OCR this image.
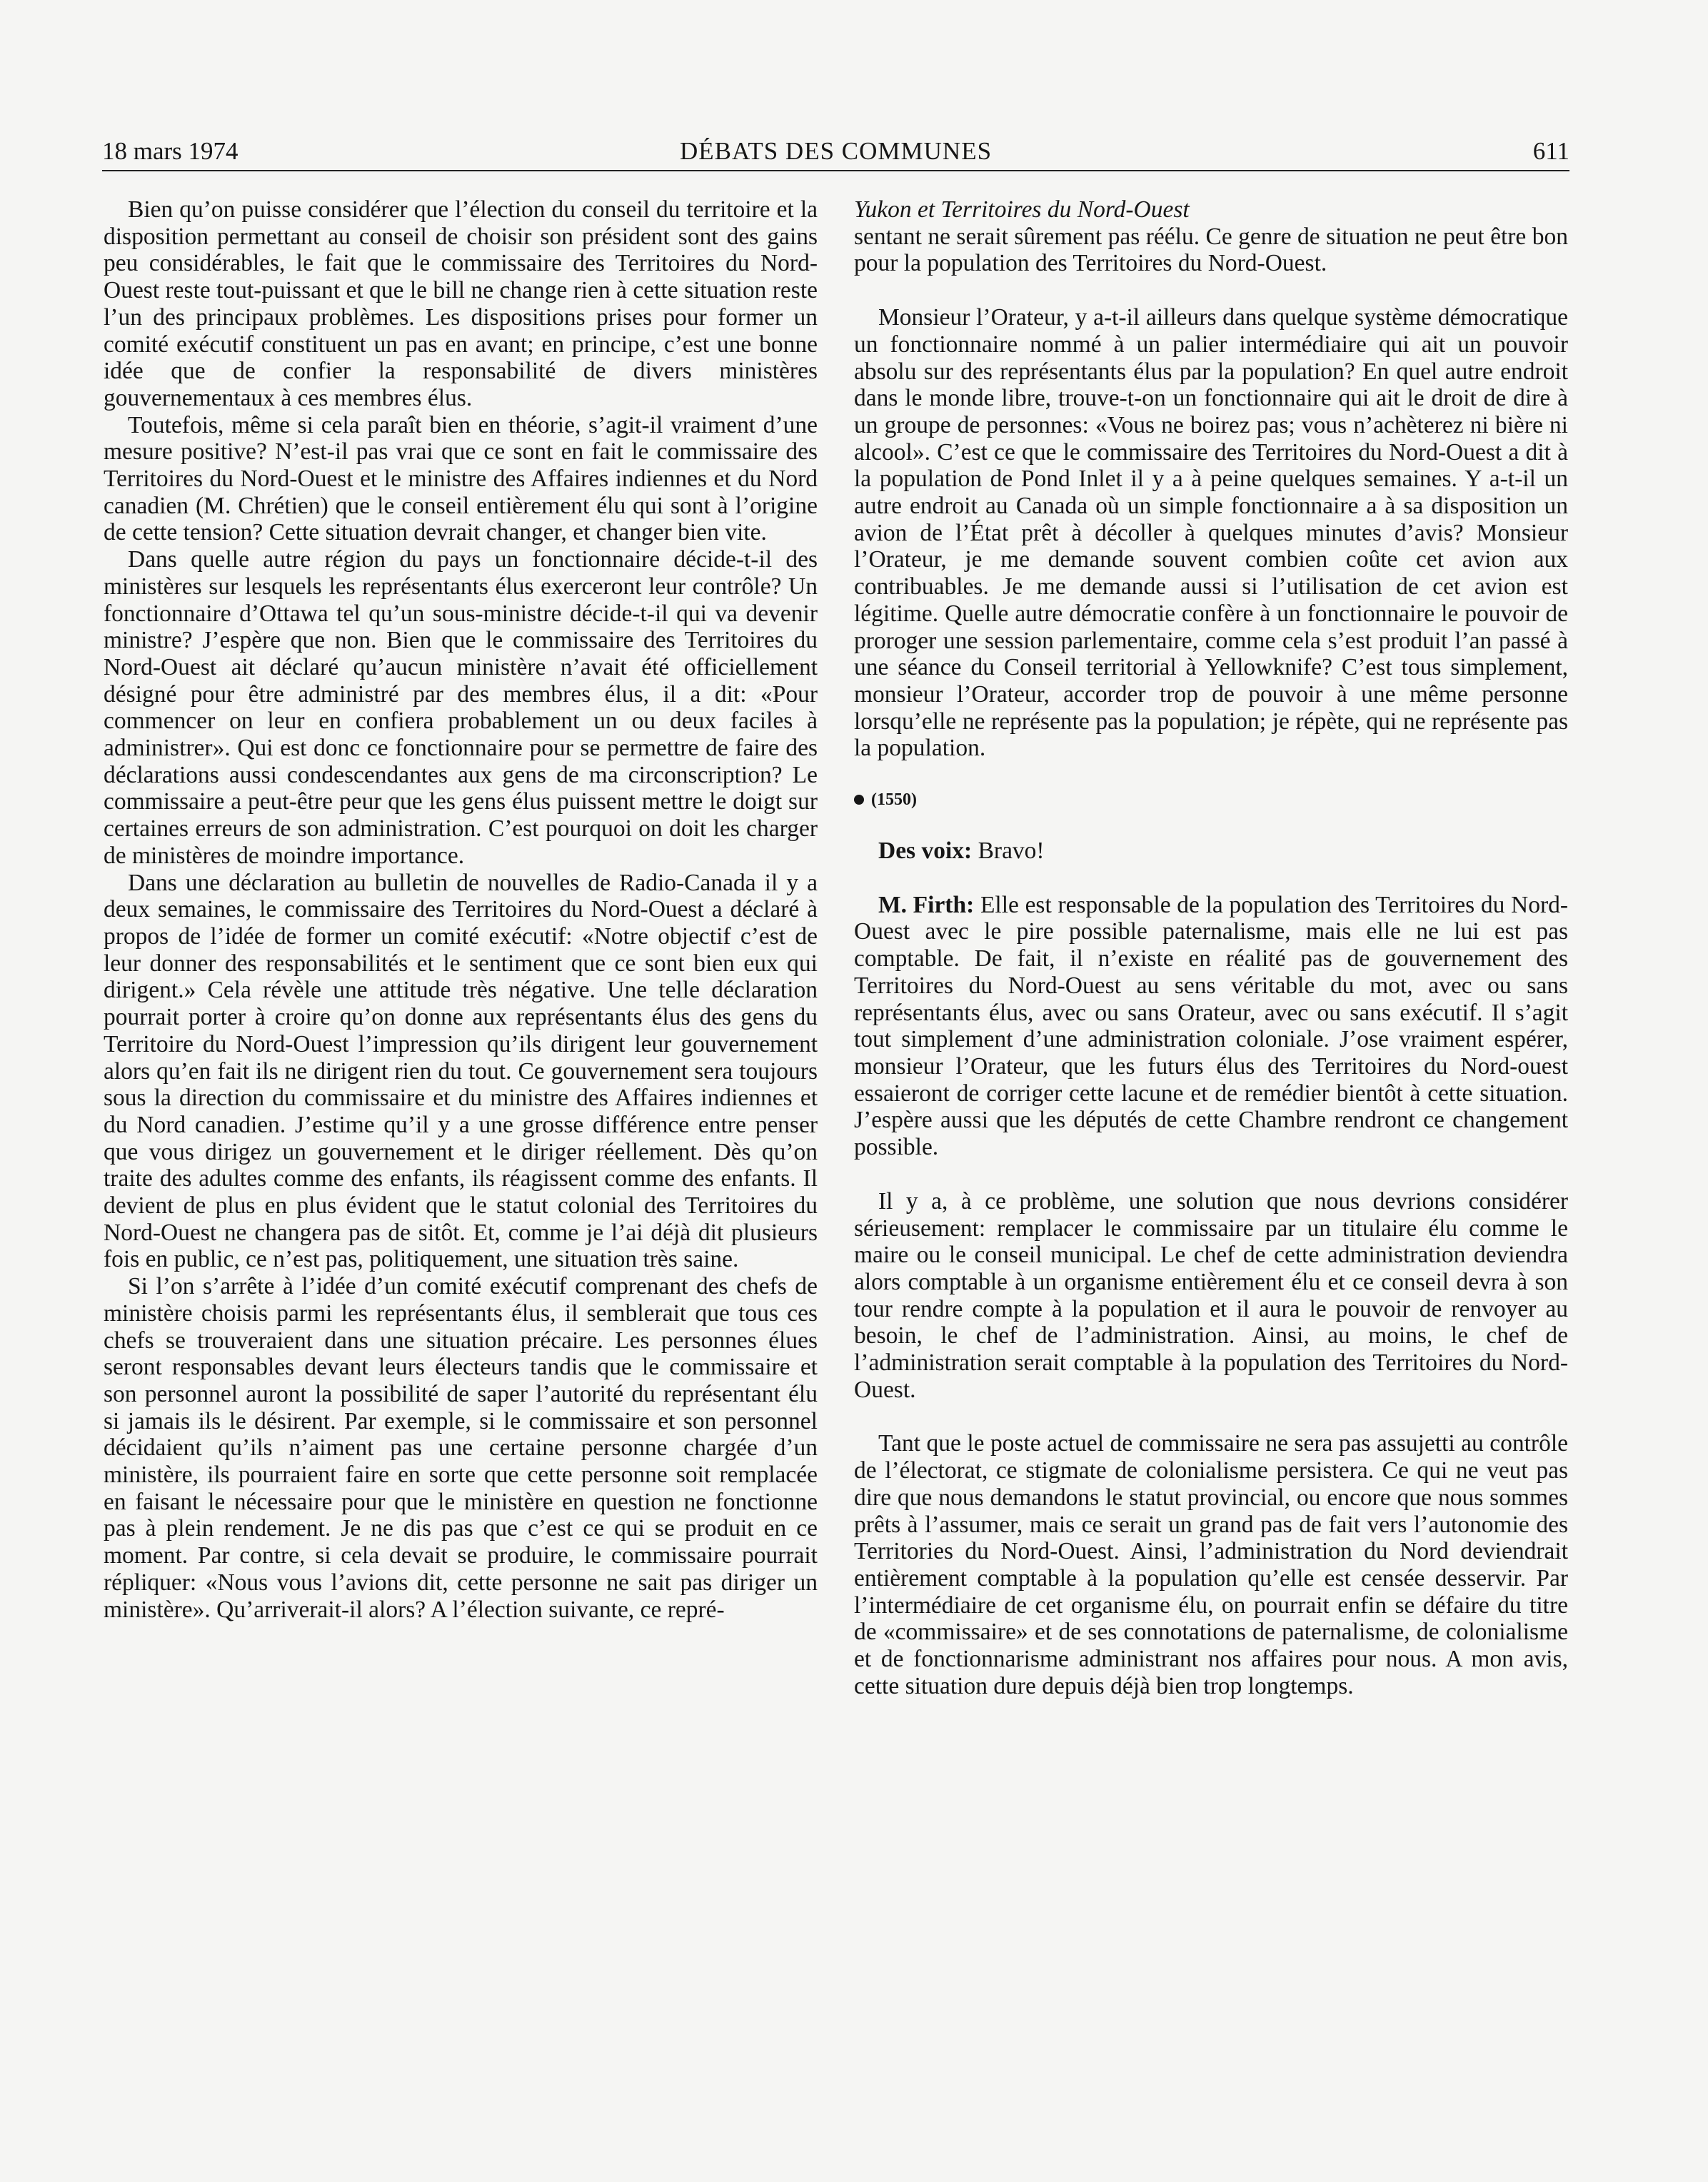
18 mars 1974	DÉBATS DES COMMUNES	611

Bien qu’on puisse considérer que l’élection du conseil du territoire et la disposition permettant au conseil de choisir son président sont des gains peu considérables, le fait que le commissaire des Territoires du Nord-Ouest reste tout-puissant et que le bill ne change rien à cette situation reste l’un des principaux problèmes. Les dispositions prises pour former un comité exécutif constituent un pas en avant; en principe, c’est une bonne idée que de confier la responsabilité de divers ministères gouvernementaux à ces membres élus.

Toutefois, même si cela paraît bien en théorie, s’agit-il vraiment d’une mesure positive? N’est-il pas vrai que ce sont en fait le commissaire des Territoires du Nord-Ouest et le ministre des Affaires indiennes et du Nord canadien (M. Chrétien) que le conseil entièrement élu qui sont à l’origine de cette tension? Cette situation devrait changer, et changer bien vite.

Dans quelle autre région du pays un fonctionnaire décide-t-il des ministères sur lesquels les représentants élus exerceront leur contrôle? Un fonctionnaire d’Ottawa tel qu’un sous-ministre décide-t-il qui va devenir ministre? J’espère que non. Bien que le commissaire des Territoires du Nord-Ouest ait déclaré qu’aucun ministère n’avait été officiellement désigné pour être administré par des membres élus, il a dit: «Pour commencer on leur en confiera probablement un ou deux faciles à administrer». Qui est donc ce fonctionnaire pour se permettre de faire des déclarations aussi condescendantes aux gens de ma circonscription? Le commissaire a peut-être peur que les gens élus puissent mettre le doigt sur certaines erreurs de son administration. C’est pourquoi on doit les charger de ministères de moindre importance.

Dans une déclaration au bulletin de nouvelles de Radio-Canada il y a deux semaines, le commissaire des Territoires du Nord-Ouest a déclaré à propos de l’idée de former un comité exécutif: «Notre objectif c’est de leur donner des responsabilités et le sentiment que ce sont bien eux qui dirigent.» Cela révèle une attitude très négative. Une telle déclaration pourrait porter à croire qu’on donne aux représentants élus des gens du Territoire du Nord-Ouest l’impression qu’ils dirigent leur gouvernement alors qu’en fait ils ne dirigent rien du tout. Ce gouvernement sera toujours sous la direction du commissaire et du ministre des Affaires indiennes et du Nord canadien. J’estime qu’il y a une grosse différence entre penser que vous dirigez un gouvernement et le diriger réellement. Dès qu’on traite des adultes comme des enfants, ils réagissent comme des enfants. Il devient de plus en plus évident que le statut colonial des Territoires du Nord-Ouest ne changera pas de sitôt. Et, comme je l’ai déjà dit plusieurs fois en public, ce n’est pas, politiquement, une situation très saine.

Si l’on s’arrête à l’idée d’un comité exécutif comprenant des chefs de ministère choisis parmi les représentants élus, il semblerait que tous ces chefs se trouveraient dans une situation précaire. Les personnes élues seront responsables devant leurs électeurs tandis que le commissaire et son personnel auront la possibilité de saper l’autorité du représentant élu si jamais ils le désirent. Par exemple, si le commissaire et son personnel décidaient qu’ils n’aiment pas une certaine personne chargée d’un ministère, ils pourraient faire en sorte que cette personne soit remplacée en faisant le nécessaire pour que le ministère en question ne fonctionne pas à plein rendement. Je ne dis pas que c’est ce qui se produit en ce moment. Par contre, si cela devait se produire, le commissaire pourrait répliquer: «Nous vous l’avions dit, cette personne ne sait pas diriger un ministère». Qu’arriverait-il alors? A l’élection suivante, ce repré-

Yukon et Territoires du Nord-Ouest

sentant ne serait sûrement pas réélu. Ce genre de situation ne peut être bon pour la population des Territoires du Nord-Ouest.

Monsieur l’Orateur, y a-t-il ailleurs dans quelque système démocratique un fonctionnaire nommé à un palier intermédiaire qui ait un pouvoir absolu sur des représentants élus par la population? En quel autre endroit dans le monde libre, trouve-t-on un fonctionnaire qui ait le droit de dire à un groupe de personnes: «Vous ne boirez pas; vous n’achèterez ni bière ni alcool». C’est ce que le commissaire des Territoires du Nord-Ouest a dit à la population de Pond Inlet il y a à peine quelques semaines. Y a-t-il un autre endroit au Canada où un simple fonctionnaire a à sa disposition un avion de l’État prêt à décoller à quelques minutes d’avis? Monsieur l’Orateur, je me demande souvent combien coûte cet avion aux contribuables. Je me demande aussi si l’utilisation de cet avion est légitime. Quelle autre démocratie confère à un fonctionnaire le pouvoir de proroger une session parlementaire, comme cela s’est produit l’an passé à une séance du Conseil territorial à Yellowknife? C’est tous simplement, monsieur l’Orateur, accorder trop de pouvoir à une même personne lorsqu’elle ne représente pas la population; je répète, qui ne représente pas la population.

(1550)

Des voix: Bravo!

M. Firth: Elle est responsable de la population des Territoires du Nord-Ouest avec le pire possible paternalisme, mais elle ne lui est pas comptable. De fait, il n’existe en réalité pas de gouvernement des Territoires du Nord-Ouest au sens véritable du mot, avec ou sans représentants élus, avec ou sans Orateur, avec ou sans exécutif. Il s’agit tout simplement d’une administration coloniale. J’ose vraiment espérer, monsieur l’Orateur, que les futurs élus des Territoires du Nord-ouest essaieront de corriger cette lacune et de remédier bientôt à cette situation. J’espère aussi que les députés de cette Chambre rendront ce changement possible.

Il y a, à ce problème, une solution que nous devrions considérer sérieusement: remplacer le commissaire par un titulaire élu comme le maire ou le conseil municipal. Le chef de cette administration deviendra alors comptable à un organisme entièrement élu et ce conseil devra à son tour rendre compte à la population et il aura le pouvoir de renvoyer au besoin, le chef de l’administration. Ainsi, au moins, le chef de l’administration serait comptable à la population des Territoires du Nord-Ouest.

Tant que le poste actuel de commissaire ne sera pas assujetti au contrôle de l’électorat, ce stigmate de colonialisme persistera. Ce qui ne veut pas dire que nous demandons le statut provincial, ou encore que nous sommes prêts à l’assumer, mais ce serait un grand pas de fait vers l’autonomie des Territories du Nord-Ouest. Ainsi, l’administration du Nord deviendrait entièrement comptable à la population qu’elle est censée desservir. Par l’intermédiaire de cet organisme élu, on pourrait enfin se défaire du titre de «commissaire» et de ses connotations de paternalisme, de colonialisme et de fonctionnarisme administrant nos affaires pour nous. A mon avis, cette situation dure depuis déjà bien trop longtemps.
